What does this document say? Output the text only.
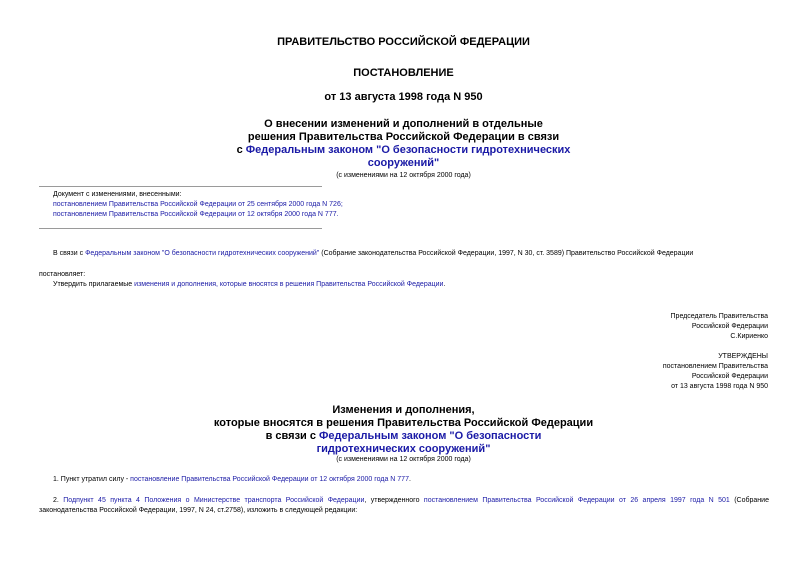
ПРАВИТЕЛЬСТВО РОССИЙСКОЙ ФЕДЕРАЦИИ
ПОСТАНОВЛЕНИЕ
от 13 августа 1998 года N 950
О внесении изменений и дополнений в отдельные
решения Правительства Российской Федерации в связи
с Федеральным законом "О безопасности гидротехнических
сооружений"
(с изменениями на 12 октября 2000 года)
Документ с изменениями, внесенными:
постановлением Правительства Российской Федерации от 25 сентября 2000 года N 726;
постановлением Правительства Российской Федерации от 12 октября 2000 года N 777.
В связи с Федеральным законом "О безопасности гидротехнических сооружений" (Собрание законодательства Российской Федерации, 1997, N 30, ст. 3589) Правительство Российской Федерации
постановляет:
Утвердить прилагаемые изменения и дополнения, которые вносятся в решения Правительства Российской Федерации.
Председатель Правительства
Российской Федерации
С.Кириенко
УТВЕРЖДЕНЫ
постановлением Правительства
Российской Федерации
от 13 августа 1998 года N 950
Изменения и дополнения,
которые вносятся в решения Правительства Российской Федерации
в связи с Федеральным законом "О безопасности
гидротехнических сооружений"
(с изменениями на 12 октября 2000 года)
1. Пункт утратил силу - постановление Правительства Российской Федерации от 12 октября 2000 года N 777.
2. Подпункт 45 пункта 4 Положения о Министерстве транспорта Российской Федерации, утвержденного постановлением Правительства Российской Федерации от 26 апреля 1997 года N 501 (Собрание законодательства Российской Федерации, 1997, N 24, ст.2758), изложить в следующей редакции:
